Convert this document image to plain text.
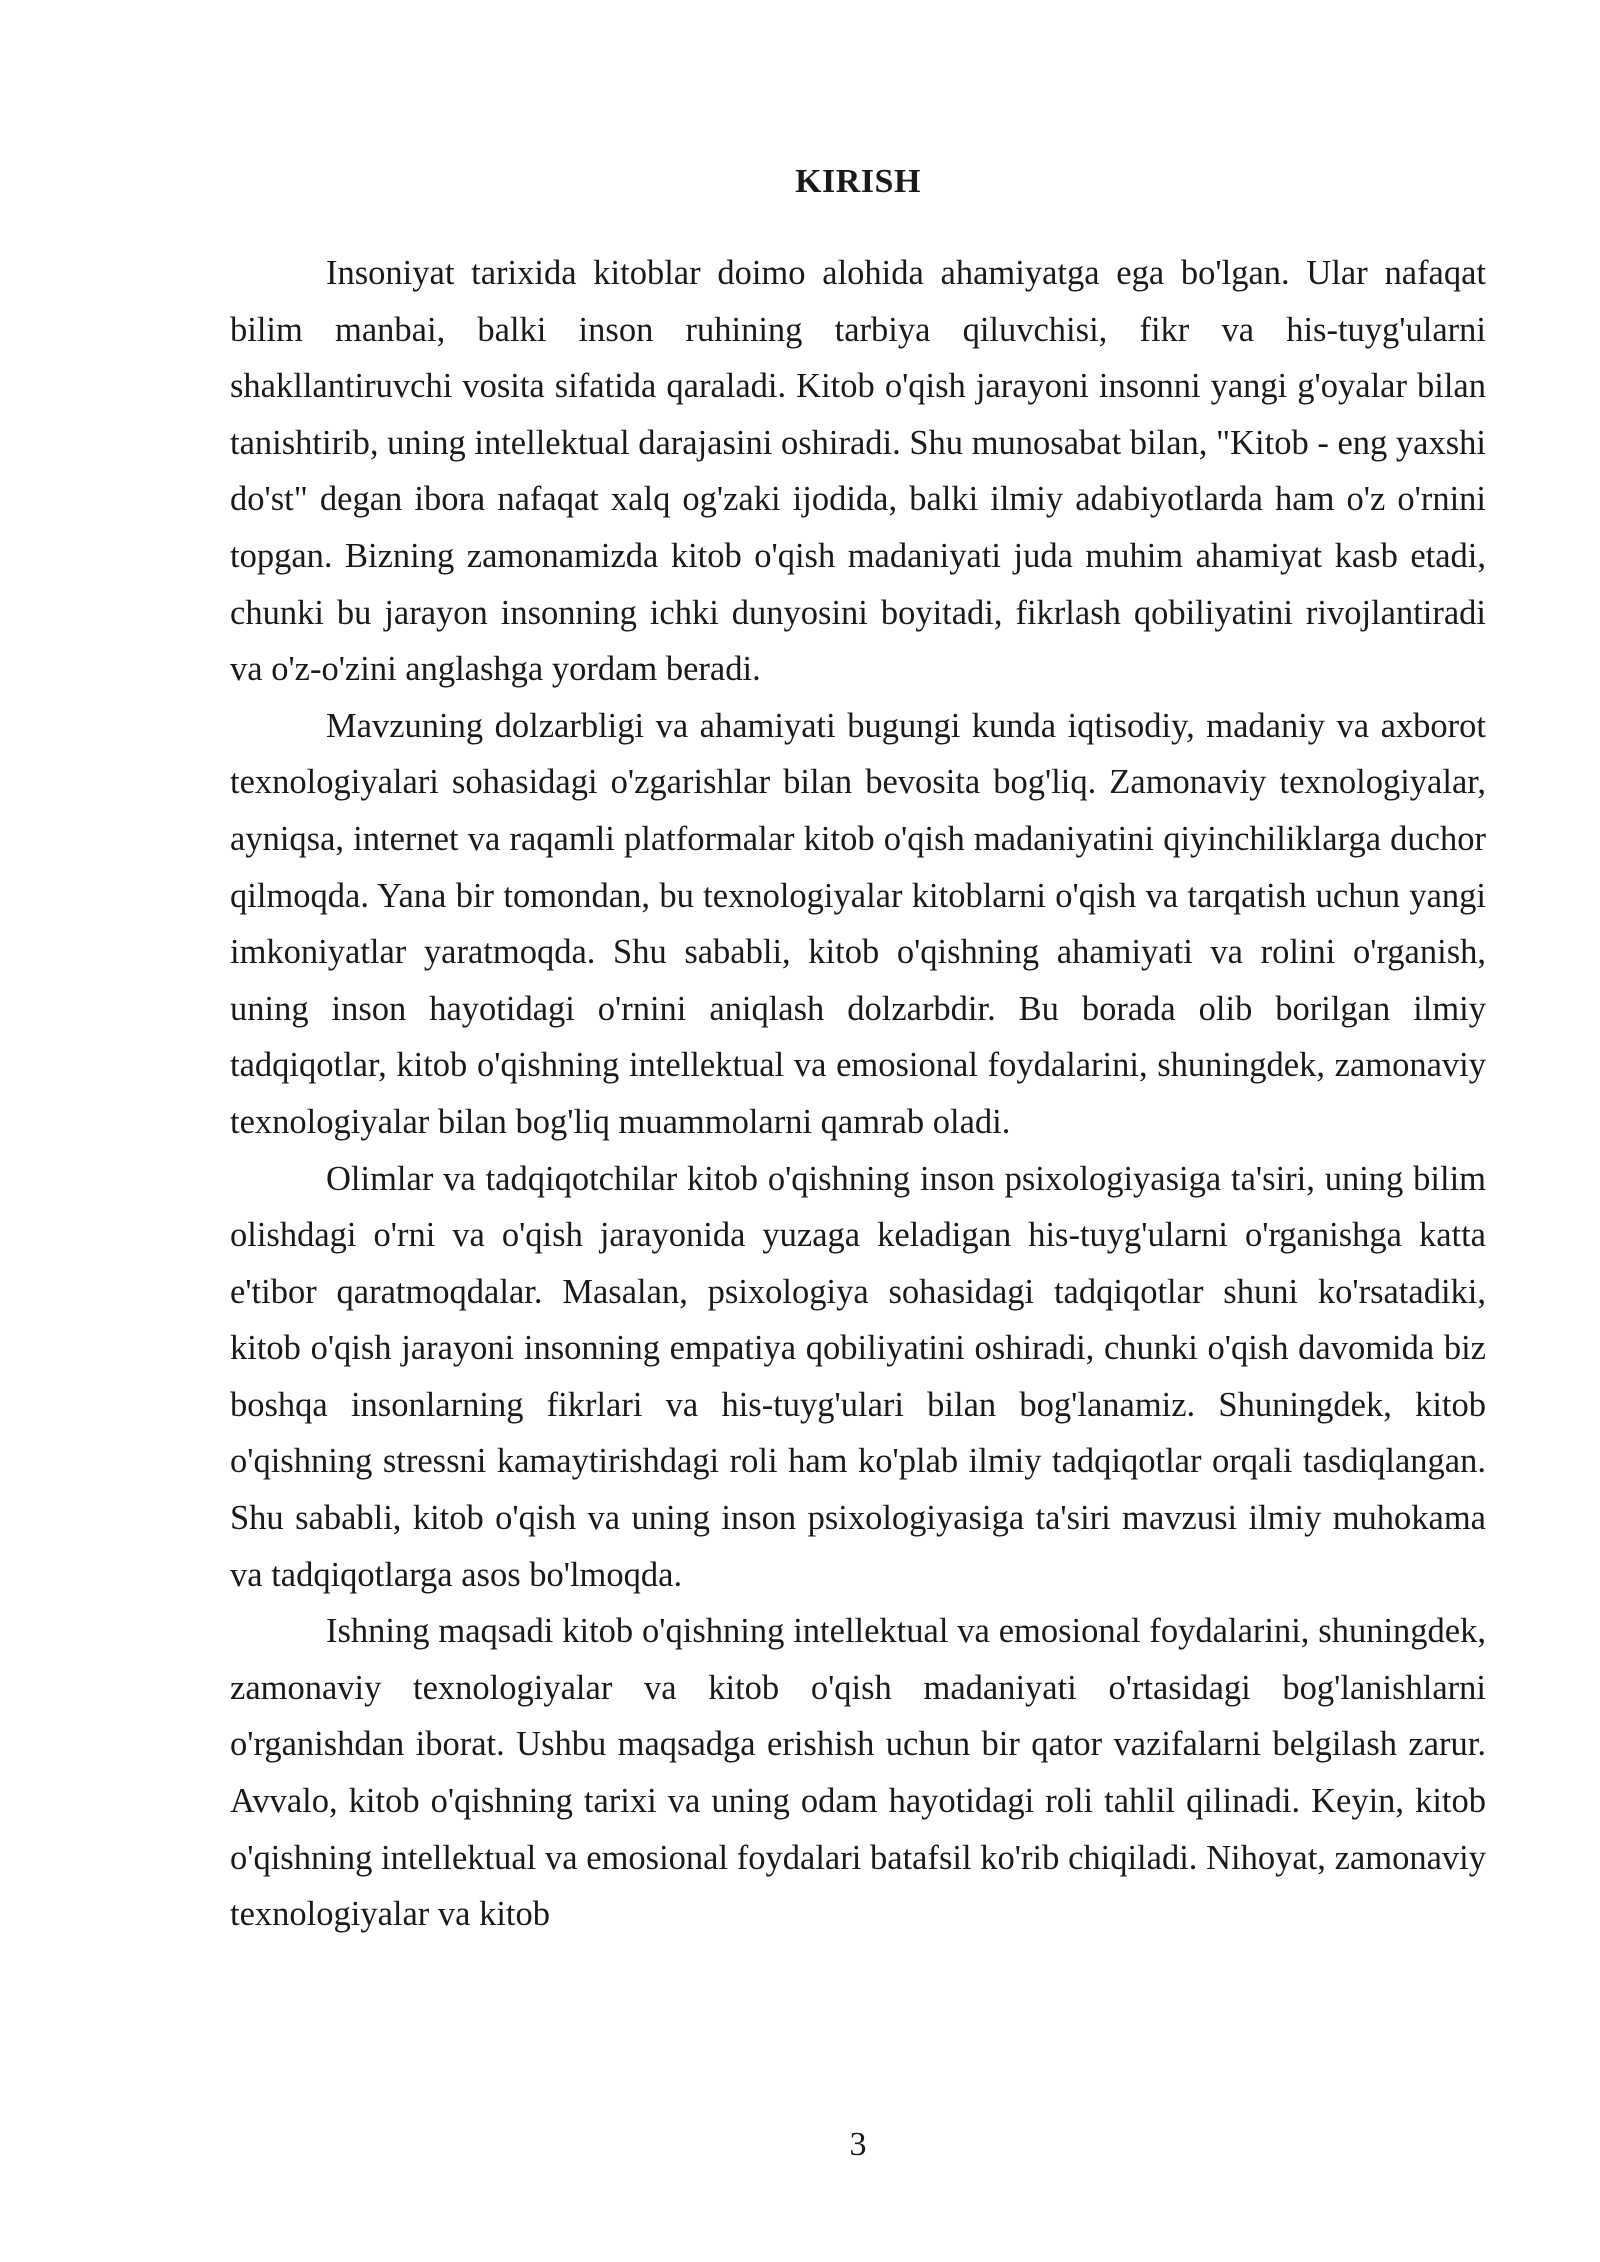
KIRISH

Insoniyat tarixida kitoblar doimo alohida ahamiyatga ega bo'lgan. Ular nafaqat bilim manbai, balki inson ruhining tarbiya qiluvchisi, fikr va his-tuyg'ularni shakllantiruvchi vosita sifatida qaraladi. Kitob o'qish jarayoni insonni yangi g'oyalar bilan tanishtirib, uning intellektual darajasini oshiradi. Shu munosabat bilan, "Kitob - eng yaxshi do'st" degan ibora nafaqat xalq og'zaki ijodida, balki ilmiy adabiyotlarda ham o'z o'rnini topgan. Bizning zamonamizda kitob o'qish madaniyati juda muhim ahamiyat kasb etadi, chunki bu jarayon insonning ichki dunyosini boyitadi, fikrlash qobiliyatini rivojlantiradi va o'z-o'zini anglashga yordam beradi.

Mavzuning dolzarbligi va ahamiyati bugungi kunda iqtisodiy, madaniy va axborot texnologiyalari sohasidagi o'zgarishlar bilan bevosita bog'liq. Zamonaviy texnologiyalar, ayniqsa, internet va raqamli platformalar kitob o'qish madaniyatini qiyinchiliklarga duchor qilmoqda. Yana bir tomondan, bu texnologiyalar kitoblarni o'qish va tarqatish uchun yangi imkoniyatlar yaratmoqda. Shu sababli, kitob o'qishning ahamiyati va rolini o'rganish, uning inson hayotidagi o'rnini aniqlash dolzarbdir. Bu borada olib borilgan ilmiy tadqiqotlar, kitob o'qishning intellektual va emosional foydalarini, shuningdek, zamonaviy texnologiyalar bilan bog'liq muammolarni qamrab oladi.

Olimlar va tadqiqotchilar kitob o'qishning inson psixologiyasiga ta'siri, uning bilim olishdagi o'rni va o'qish jarayonida yuzaga keladigan his-tuyg'ularni o'rganishga katta e'tibor qaratmoqdalar. Masalan, psixologiya sohasidagi tadqiqotlar shuni ko'rsatadiki, kitob o'qish jarayoni insonning empatiya qobiliyatini oshiradi, chunki o'qish davomida biz boshqa insonlarning fikrlari va his-tuyg'ulari bilan bog'lanamiz. Shuningdek, kitob o'qishning stressni kamaytirishdagi roli ham ko'plab ilmiy tadqiqotlar orqali tasdiqlangan. Shu sababli, kitob o'qish va uning inson psixologiyasiga ta'siri mavzusi ilmiy muhokama va tadqiqotlarga asos bo'lmoqda.

Ishning maqsadi kitob o'qishning intellektual va emosional foydalarini, shuningdek, zamonaviy texnologiyalar va kitob o'qish madaniyati o'rtasidagi bog'lanishlarni o'rganishdan iborat. Ushbu maqsadga erishish uchun bir qator vazifalarni belgilash zarur. Avvalo, kitob o'qishning tarixi va uning odam hayotidagi roli tahlil qilinadi. Keyin, kitob o'qishning intellektual va emosional foydalari batafsil ko'rib chiqiladi. Nihoyat, zamonaviy texnologiyalar va kitob

3
